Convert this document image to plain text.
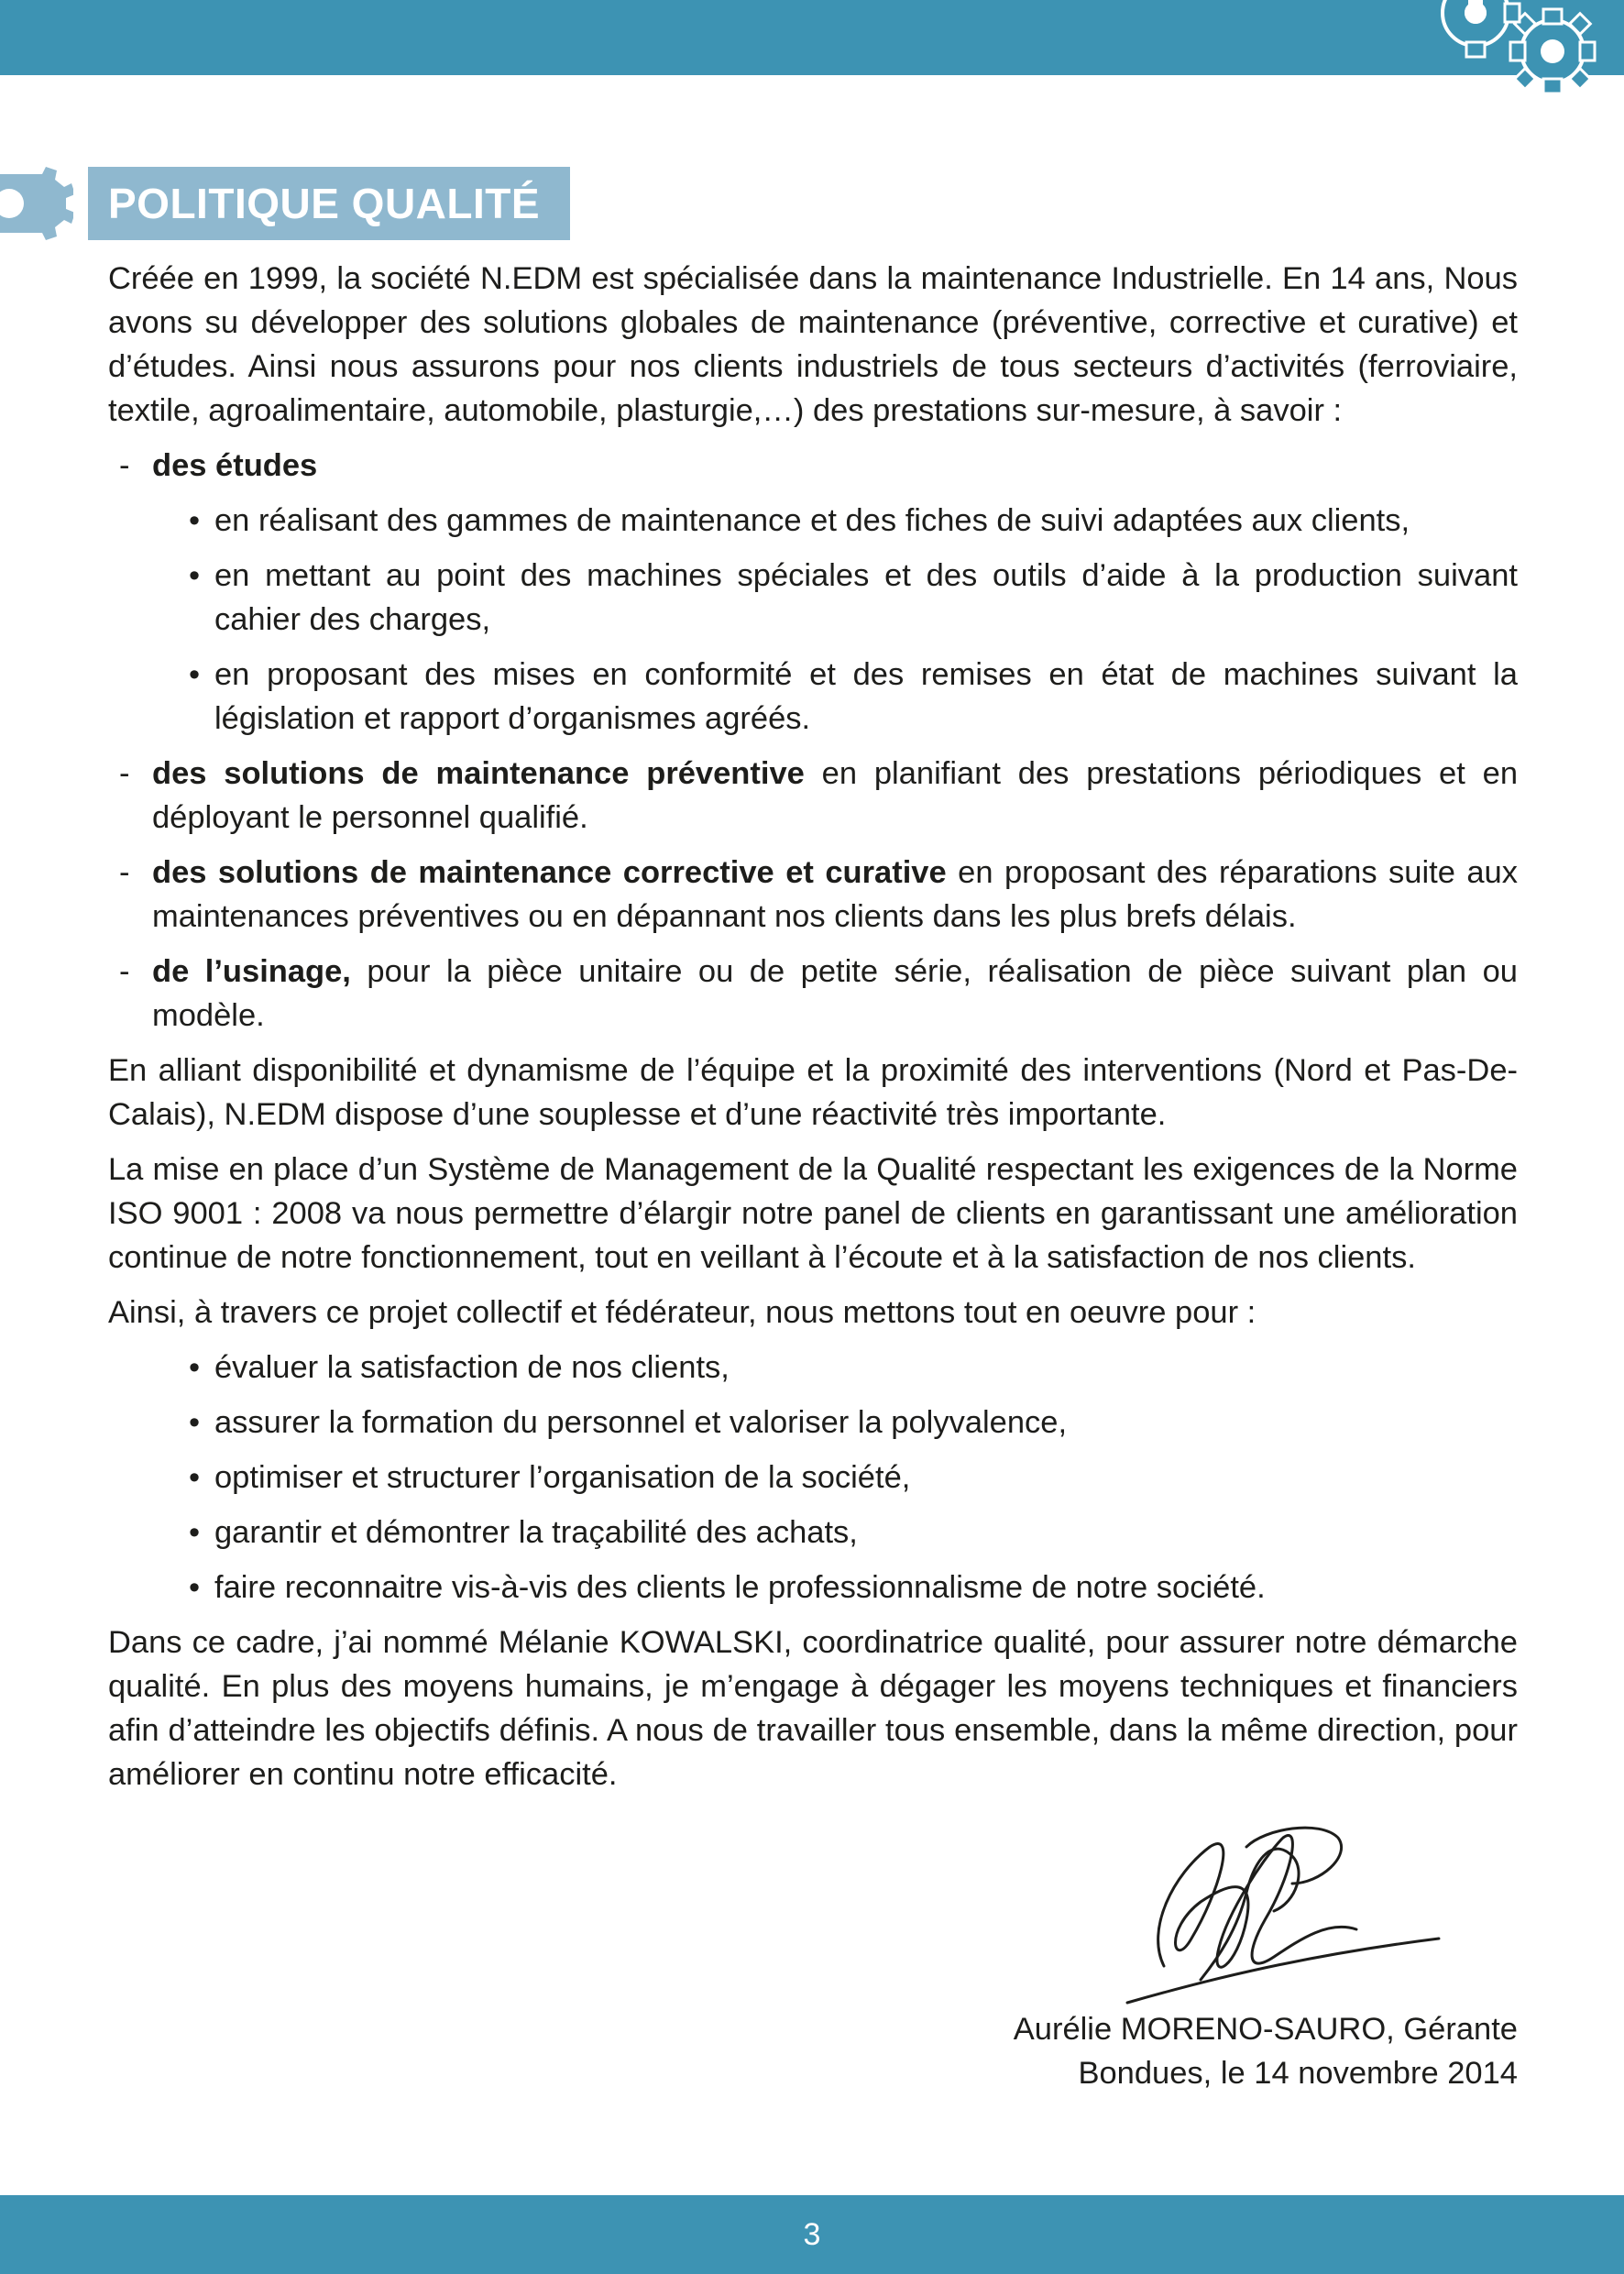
POLITIQUE QUALITÉ

Créée en 1999, la société N.EDM est spécialisée dans la maintenance Industrielle. En 14 ans, Nous avons su développer des solutions globales de maintenance (préventive, corrective et curative) et d’études. Ainsi nous assurons pour nos clients industriels de tous secteurs d’activités (ferroviaire, textile, agroalimentaire, automobile, plasturgie,…) des prestations sur-mesure, à savoir :

- des études
• en réalisant des gammes de maintenance et des fiches de suivi adaptées aux clients,
• en mettant au point des machines spéciales et des outils d’aide à la production suivant cahier des charges,
• en proposant des mises en conformité et des remises en état de machines suivant la législation et rapport d’organismes agréés.
- des solutions de maintenance préventive en planifiant des prestations périodiques et en déployant le personnel qualifié.
- des solutions de maintenance corrective et curative en proposant des réparations suite aux maintenances préventives ou en dépannant nos clients dans les plus brefs délais.
- de l’usinage, pour la pièce unitaire ou de petite série, réalisation de pièce suivant plan ou modèle.

En alliant disponibilité et dynamisme de l’équipe et la proximité des interventions (Nord et Pas-De-Calais), N.EDM dispose d’une souplesse et d’une réactivité très importante.

La mise en place d’un Système de Management de la Qualité respectant les exigences de la Norme ISO 9001 : 2008 va nous permettre d’élargir notre panel de clients en garantissant une amélioration continue de notre fonctionnement, tout en veillant à l’écoute et à la satisfaction de nos clients.

Ainsi, à travers ce projet collectif et fédérateur, nous mettons tout en oeuvre pour :

• évaluer la satisfaction de nos clients,
• assurer la formation du personnel et valoriser la polyvalence,
• optimiser et structurer l’organisation de la société,
• garantir et démontrer la traçabilité des achats,
• faire reconnaitre vis-à-vis des clients le professionnalisme de notre société.

Dans ce cadre, j’ai nommé Mélanie KOWALSKI, coordinatrice qualité, pour assurer notre démarche qualité. En plus des moyens humains, je m’engage à dégager les moyens techniques et financiers afin d’atteindre les objectifs définis. A nous de travailler tous ensemble, dans la même direction, pour améliorer en continu notre efficacité.

Aurélie MORENO-SAURO, Gérante
Bondues, le 14 novembre 2014
3
